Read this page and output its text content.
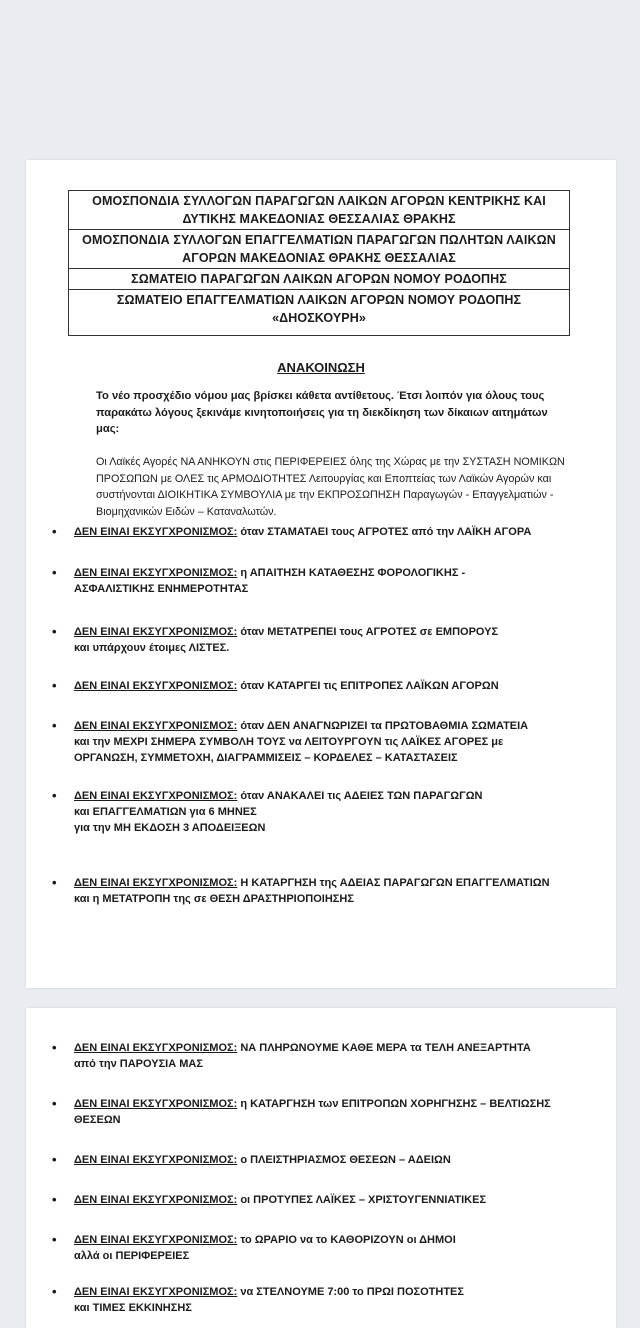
ΟΜΟΣΠΟΝΔΙΑ ΣΥΛΛΟΓΩΝ ΠΑΡΑΓΩΓΩΝ ΛΑΙΚΩΝ ΑΓΟΡΩΝ ΚΕΝΤΡΙΚΗΣ ΚΑΙ ΔΥΤΙΚΗΣ ΜΑΚΕΔΟΝΙΑΣ ΘΕΣΣΑΛΙΑΣ ΘΡΑΚΗΣ
ΟΜΟΣΠΟΝΔΙΑ ΣΥΛΛΟΓΩΝ ΕΠΑΓΓΕΛΜΑΤΙΩΝ ΠΑΡΑΓΩΓΩΝ ΠΩΛΗΤΩΝ ΛΑΙΚΩΝ ΑΓΟΡΩΝ ΜΑΚΕΔΟΝΙΑΣ ΘΡΑΚΗΣ ΘΕΣΣΑΛΙΑΣ
ΣΩΜΑΤΕΙΟ ΠΑΡΑΓΩΓΩΝ ΛΑΙΚΩΝ ΑΓΟΡΩΝ ΝΟΜΟΥ ΡΟΔΟΠΗΣ
ΣΩΜΑΤΕΙΟ ΕΠΑΓΓΕΛΜΑΤΙΩΝ ΛΑΙΚΩΝ ΑΓΟΡΩΝ ΝΟΜΟΥ ΡΟΔΟΠΗΣ «ΔΗΟΣΚΟΥΡΗ»
ΑΝΑΚΟΙΝΩΣΗ
Το νέο προσχέδιο νόμου μας βρίσκει κάθετα αντίθετους. Έτσι λοιπόν για όλους τους παρακάτω λόγους ξεκινάμε κινητοποιήσεις για τη διεκδίκηση των δίκαιων αιτημάτων μας:
Οι Λαϊκές Αγορές ΝΑ ΑΝΗΚΟΥΝ στις ΠΕΡΙΦΕΡΕΙΕΣ όλης της Χώρας με την ΣΥΣΤΑΣΗ ΝΟΜΙΚΩΝ ΠΡΟΣΩΠΩΝ με ΟΛΕΣ τις ΑΡΜΟΔΙΟΤΗΤΕΣ Λειτουργίας και Εποπτείας των Λαϊκών Αγορών και συστήνονται ΔΙΟΙΚΗΤΙΚΑ ΣΥΜΒΟΥΛΙΑ με την ΕΚΠΡΟΣΩΠΗΣΗ Παραγωγών - Επαγγελματιών - Βιομηχανικών Ειδών – Καταναλωτών.
• ΔΕΝ ΕΙΝΑΙ ΕΚΣΥΓΧΡΟΝΙΣΜΟΣ: όταν ΣΤΑΜΑΤΑΕΙ τους ΑΓΡΟΤΕΣ από την ΛΑΪΚΗ ΑΓΟΡΑ
• ΔΕΝ ΕΙΝΑΙ ΕΚΣΥΓΧΡΟΝΙΣΜΟΣ: η ΑΠΑΙΤΗΣΗ ΚΑΤΑΘΕΣΗΣ ΦΟΡΟΛΟΓΙΚΗΣ -
ΑΣΦΑΛΙΣΤΙΚΗΣ ΕΝΗΜΕΡΟΤΗΤΑΣ
• ΔΕΝ ΕΙΝΑΙ ΕΚΣΥΓΧΡΟΝΙΣΜΟΣ: όταν ΜΕΤΑΤΡΕΠΕΙ τους ΑΓΡΟΤΕΣ σε ΕΜΠΟΡΟΥΣ
και υπάρχουν έτοιμες ΛΙΣΤΕΣ.
• ΔΕΝ ΕΙΝΑΙ ΕΚΣΥΓΧΡΟΝΙΣΜΟΣ: όταν ΚΑΤΑΡΓΕΙ τις ΕΠΙΤΡΟΠΕΣ ΛΑΪΚΩΝ ΑΓΟΡΩΝ
• ΔΕΝ ΕΙΝΑΙ ΕΚΣΥΓΧΡΟΝΙΣΜΟΣ: όταν ΔΕΝ ΑΝΑΓΝΩΡΙΖΕΙ τα ΠΡΩΤΟΒΑΘΜΙΑ ΣΩΜΑΤΕΙΑ
και την ΜΕΧΡΙ ΣΗΜΕΡΑ ΣΥΜΒΟΛΗ ΤΟΥΣ να ΛΕΙΤΟΥΡΓΟΥΝ τις ΛΑΪΚΕΣ ΑΓΟΡΕΣ με
ΟΡΓΑΝΩΣΗ, ΣΥΜΜΕΤΟΧΗ, ΔΙΑΓΡΑΜΜΙΣΕΙΣ – ΚΟΡΔΕΛΕΣ – ΚΑΤΑΣΤΑΣΕΙΣ
• ΔΕΝ ΕΙΝΑΙ ΕΚΣΥΓΧΡΟΝΙΣΜΟΣ: όταν ΑΝΑΚΑΛΕΙ τις ΑΔΕΙΕΣ ΤΩΝ ΠΑΡΑΓΩΓΩΝ
και ΕΠΑΓΓΕΛΜΑΤΙΩΝ για 6 ΜΗΝΕΣ
για την ΜΗ ΕΚΔΟΣΗ 3 ΑΠΟΔΕΙΞΕΩΝ
• ΔΕΝ ΕΙΝΑΙ ΕΚΣΥΓΧΡΟΝΙΣΜΟΣ: Η ΚΑΤΑΡΓΗΣΗ της ΑΔΕΙΑΣ ΠΑΡΑΓΩΓΩΝ ΕΠΑΓΓΕΛΜΑΤΙΩΝ
και η ΜΕΤΑΤΡΟΠΗ της σε ΘΕΣΗ ΔΡΑΣΤΗΡΙΟΠΟΙΗΣΗΣ
• ΔΕΝ ΕΙΝΑΙ ΕΚΣΥΓΧΡΟΝΙΣΜΟΣ: ΝΑ ΠΛΗΡΩΝΟΥΜΕ ΚΑΘΕ ΜΕΡΑ τα ΤΕΛΗ ΑΝΕΞΑΡΤΗΤΑ
από την ΠΑΡΟΥΣΙΑ ΜΑΣ
• ΔΕΝ ΕΙΝΑΙ ΕΚΣΥΓΧΡΟΝΙΣΜΟΣ: η ΚΑΤΑΡΓΗΣΗ των ΕΠΙΤΡΟΠΩΝ ΧΟΡΗΓΗΣΗΣ – ΒΕΛΤΙΩΣΗΣ
ΘΕΣΕΩΝ
• ΔΕΝ ΕΙΝΑΙ ΕΚΣΥΓΧΡΟΝΙΣΜΟΣ: ο ΠΛΕΙΣΤΗΡΙΑΣΜΟΣ ΘΕΣΕΩΝ – ΑΔΕΙΩΝ
• ΔΕΝ ΕΙΝΑΙ ΕΚΣΥΓΧΡΟΝΙΣΜΟΣ: οι ΠΡΟΤΥΠΕΣ ΛΑΪΚΕΣ – ΧΡΙΣΤΟΥΓΕΝΝΙΑΤΙΚΕΣ
• ΔΕΝ ΕΙΝΑΙ ΕΚΣΥΓΧΡΟΝΙΣΜΟΣ: το ΩΡΑΡΙΟ να το ΚΑΘΟΡΙΖΟΥΝ οι ΔΗΜΟΙ
αλλά οι ΠΕΡΙΦΕΡΕΙΕΣ
• ΔΕΝ ΕΙΝΑΙ ΕΚΣΥΓΧΡΟΝΙΣΜΟΣ: να ΣΤΕΛΝΟΥΜΕ 7:00 το ΠΡΩΙ ΠΟΣΟΤΗΤΕΣ
και ΤΙΜΕΣ ΕΚΚΙΝΗΣΗΣ
